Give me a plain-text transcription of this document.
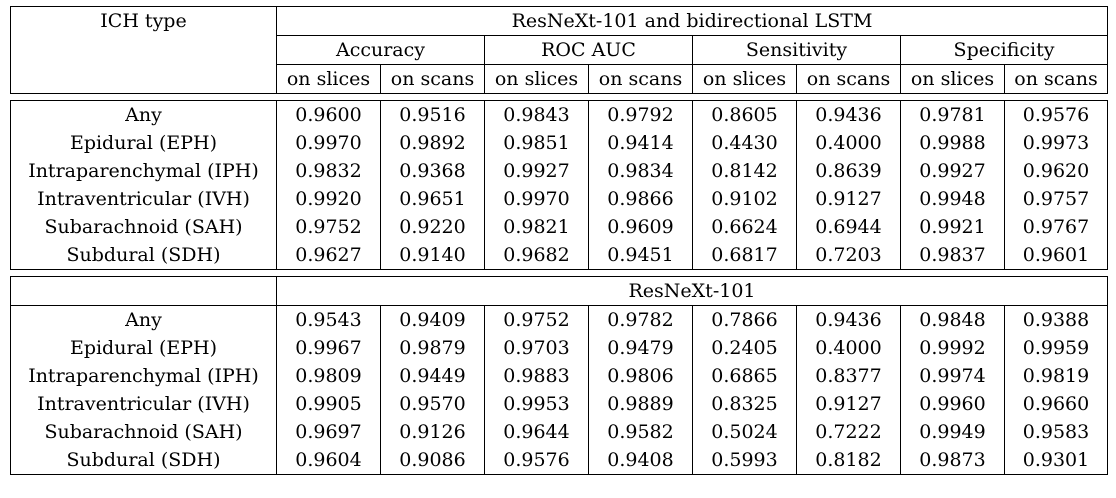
ICH type	ResNeXt-101 and bidirectional LSTM							
	Accuracy		ROC AUC		Sensitivity		Specificity	
	on slices	on scans	on slices	on scans	on slices	on scans	on slices	on scans

Any	0.9600	0.9516	0.9843	0.9792	0.8605	0.9436	0.9781	0.9576
Epidural (EPH)	0.9970	0.9892	0.9851	0.9414	0.4430	0.4000	0.9988	0.9973
Intraparenchymal (IPH)	0.9832	0.9368	0.9927	0.9834	0.8142	0.8639	0.9927	0.9620
Intraventricular (IVH)	0.9920	0.9651	0.9970	0.9866	0.9102	0.9127	0.9948	0.9757
Subarachnoid (SAH)	0.9752	0.9220	0.9821	0.9609	0.6624	0.6944	0.9921	0.9767
Subdural (SDH)	0.9627	0.9140	0.9682	0.9451	0.6817	0.7203	0.9837	0.9601

	ResNeXt-101							
Any	0.9543	0.9409	0.9752	0.9782	0.7866	0.9436	0.9848	0.9388
Epidural (EPH)	0.9967	0.9879	0.9703	0.9479	0.2405	0.4000	0.9992	0.9959
Intraparenchymal (IPH)	0.9809	0.9449	0.9883	0.9806	0.6865	0.8377	0.9974	0.9819
Intraventricular (IVH)	0.9905	0.9570	0.9953	0.9889	0.8325	0.9127	0.9960	0.9660
Subarachnoid (SAH)	0.9697	0.9126	0.9644	0.9582	0.5024	0.7222	0.9949	0.9583
Subdural (SDH)	0.9604	0.9086	0.9576	0.9408	0.5993	0.8182	0.9873	0.9301
